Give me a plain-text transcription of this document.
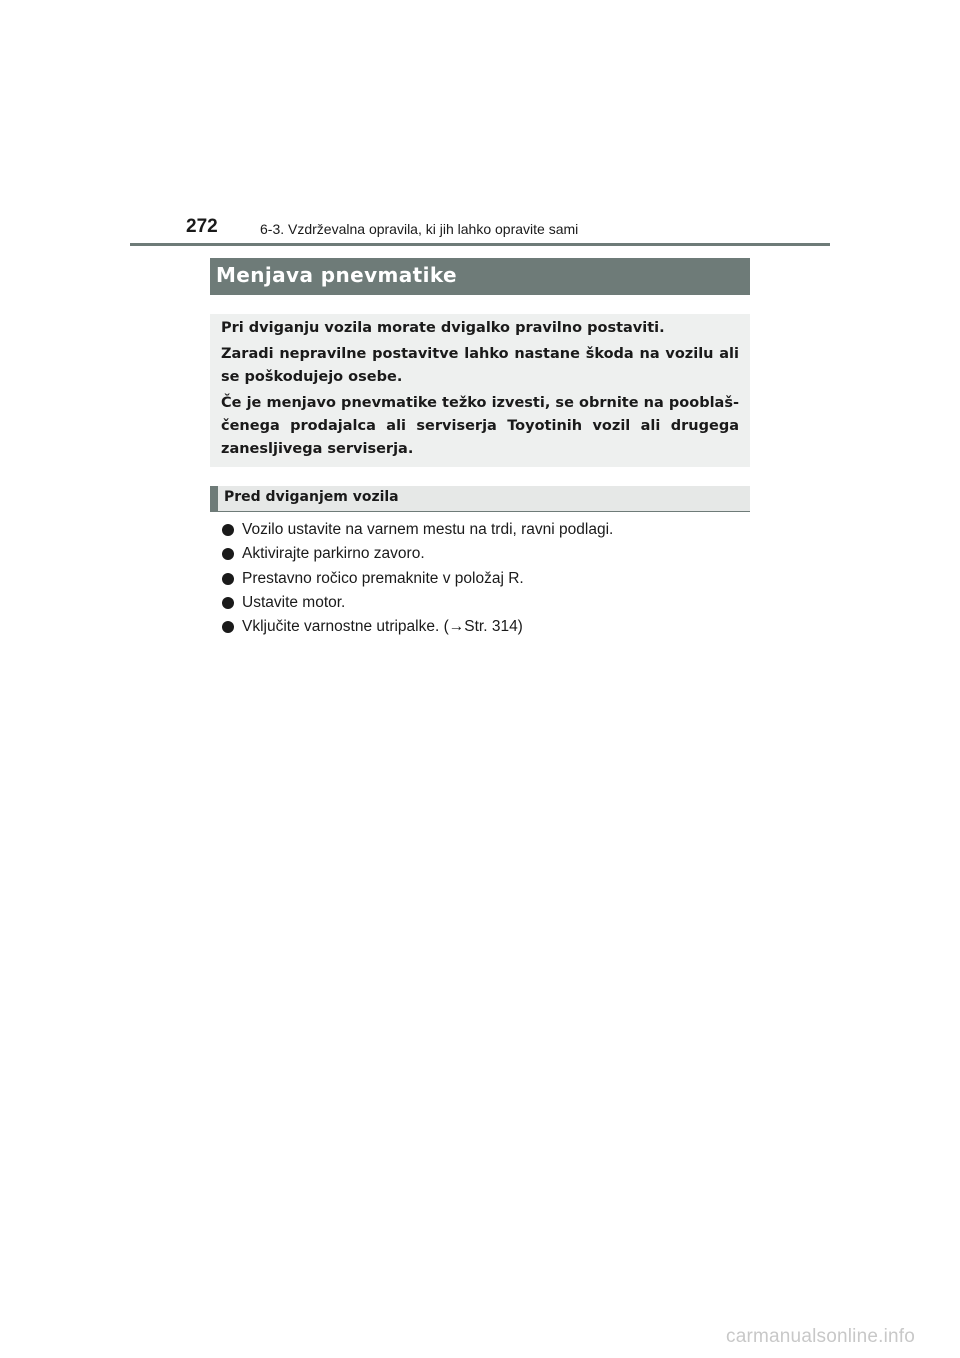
272	6-3. Vzdrževalna opravila, ki jih lahko opravite sami
Menjava pnevmatike

Pri dviganju vozila morate dvigalko pravilno postaviti.

Zaradi nepravilne postavitve lahko nastane škoda na vozilu ali se poškodujejo osebe.

Če je menjavo pnevmatike težko izvesti, se obrnite na pooblaš- čenega prodajalca ali serviserja Toyotinih vozil ali drugega zanesljivega serviserja.

Pred dviganjem vozila
Vozilo ustavite na varnem mestu na trdi, ravni podlagi.
Aktivirajte parkirno zavoro.
Prestavno ročico premaknite v položaj R.
Ustavite motor.
Vključite varnostne utripalke. (→Str. 314)
carmanualsonline.info
